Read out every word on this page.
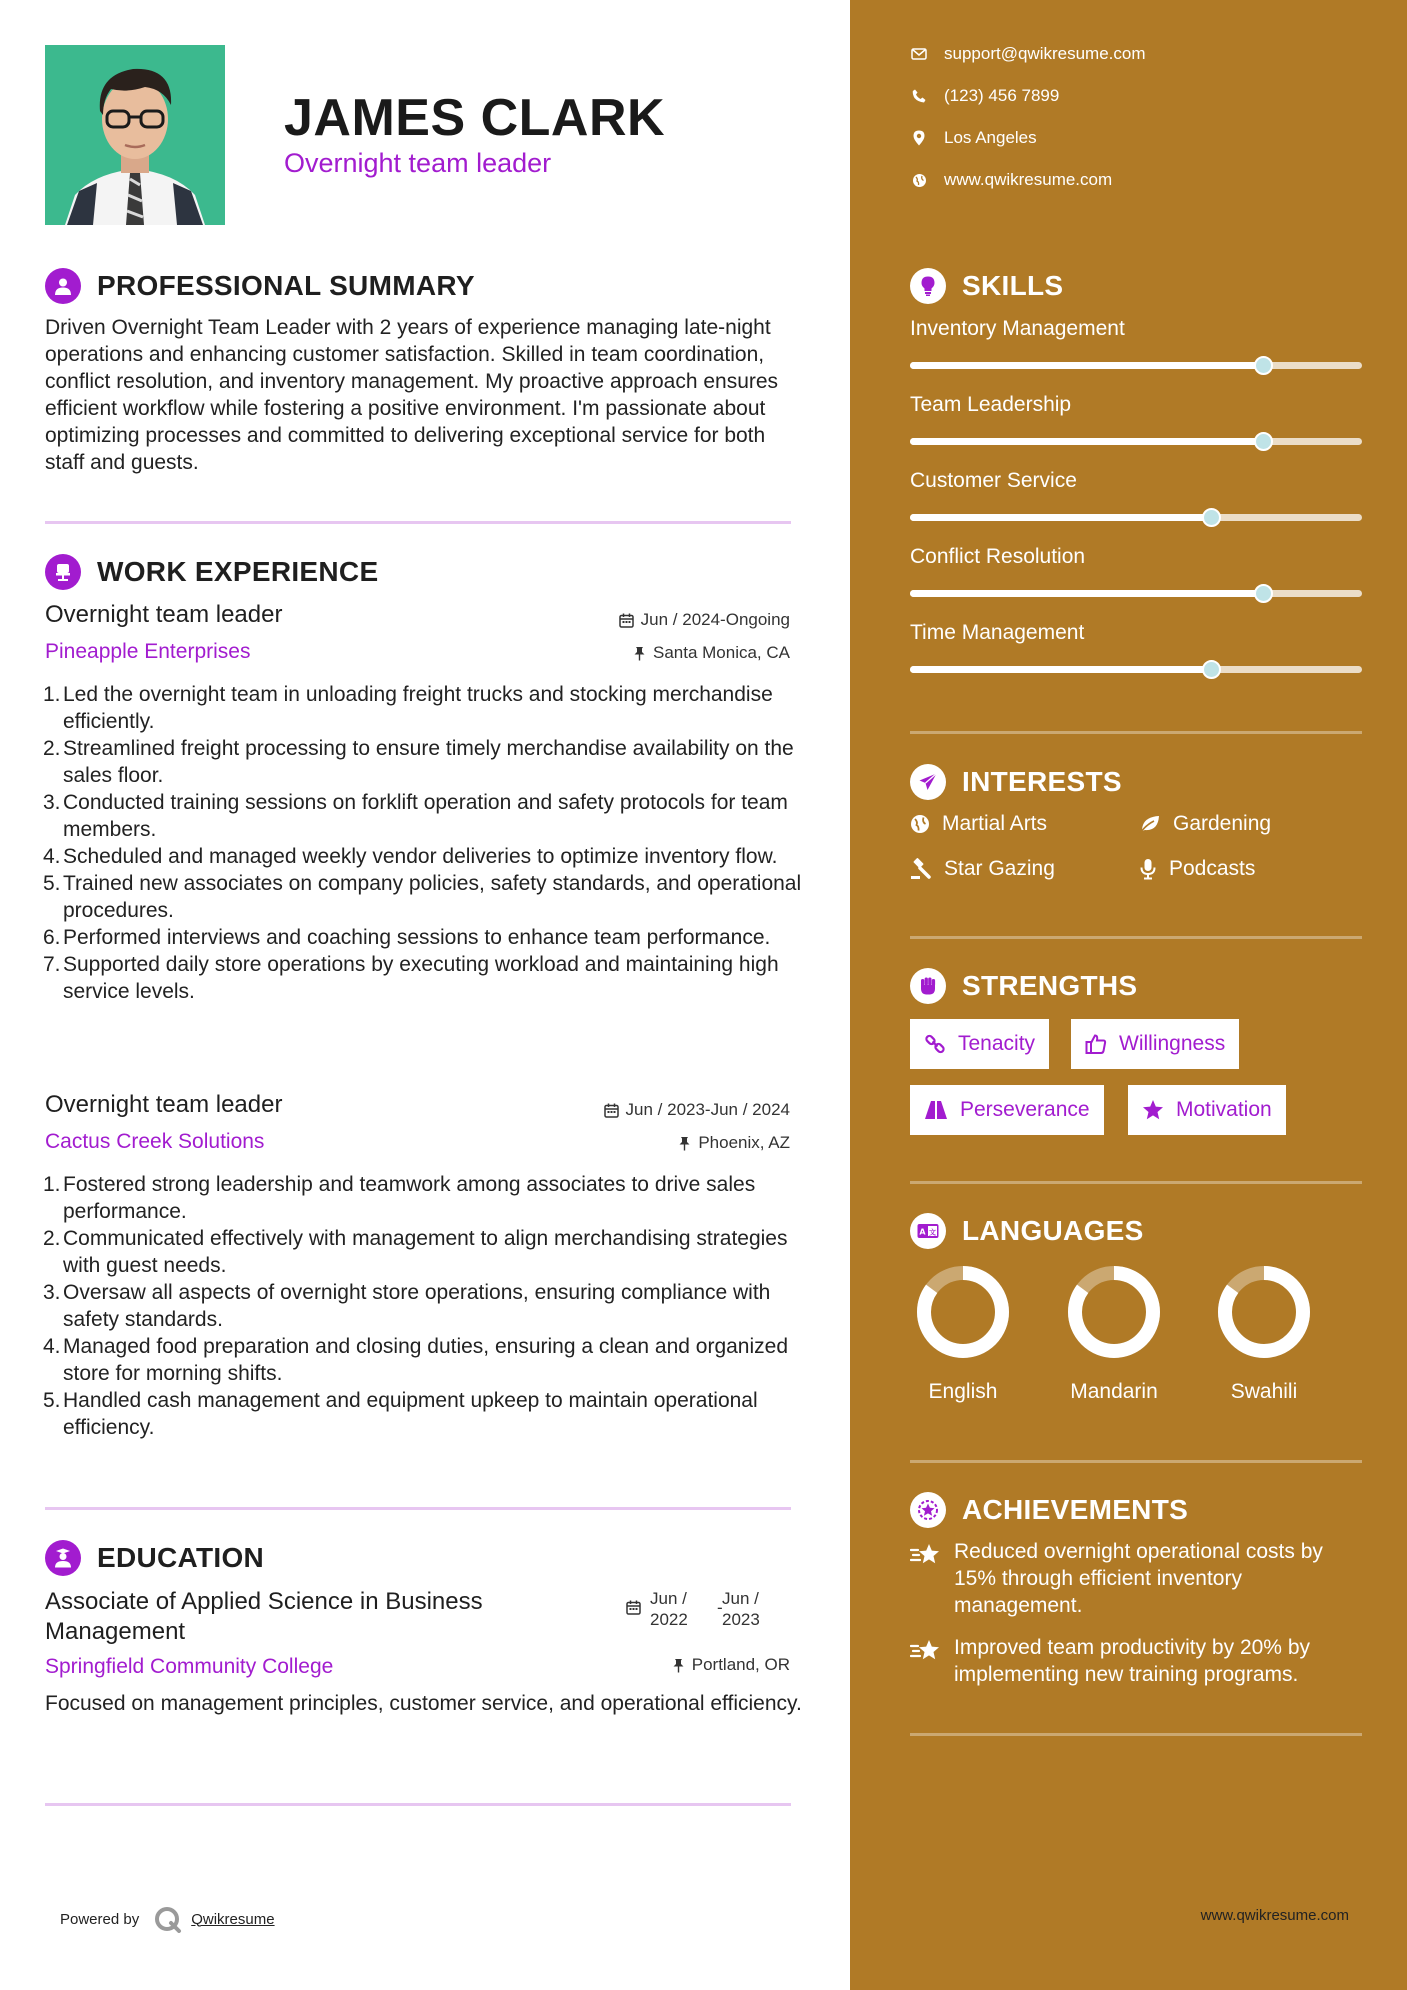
JAMES CLARK
Overnight team leader
PROFESSIONAL SUMMARY
Driven Overnight Team Leader with 2 years of experience managing late-night operations and enhancing customer satisfaction. Skilled in team coordination, conflict resolution, and inventory management. My proactive approach ensures efficient workflow while fostering a positive environment. I'm passionate about optimizing processes and committed to delivering exceptional service for both staff and guests.
WORK EXPERIENCE
Overnight team leader	Jun / 2024-Ongoing
Pineapple Enterprises	Santa Monica, CA
1. Led the overnight team in unloading freight trucks and stocking merchandise efficiently.
2. Streamlined freight processing to ensure timely merchandise availability on the sales floor.
3. Conducted training sessions on forklift operation and safety protocols for team members.
4. Scheduled and managed weekly vendor deliveries to optimize inventory flow.
5. Trained new associates on company policies, safety standards, and operational procedures.
6. Performed interviews and coaching sessions to enhance team performance.
7. Supported daily store operations by executing workload and maintaining high service levels.
Overnight team leader	Jun / 2023-Jun / 2024
Cactus Creek Solutions	Phoenix, AZ
1. Fostered strong leadership and teamwork among associates to drive sales performance.
2. Communicated effectively with management to align merchandising strategies with guest needs.
3. Oversaw all aspects of overnight store operations, ensuring compliance with safety standards.
4. Managed food preparation and closing duties, ensuring a clean and organized store for morning shifts.
5. Handled cash management and equipment upkeep to maintain operational efficiency.
EDUCATION
Associate of Applied Science in Business
Management
Jun /
2022
- Jun /
2023
Springfield Community College	Portland, OR
Focused on management principles, customer service, and operational efficiency.
Powered by	Qwikresume
support@qwikresume.com
(123) 456 7899
Los Angeles
www.qwikresume.com
SKILLS
INTERESTS
Martial Arts	Gardening
Star Gazing	Podcasts
STRENGTHS
Tenacity	Willingness
Perseverance	Motivation
A 文 LANGUAGES
ACHIEVEMENTS
Reduced overnight operational costs by 15% through efficient inventory management.
Improved team productivity by 20% by implementing new training programs.
Inventory Management
Team Leadership
Customer Service
Conflict Resolution
Time Management
English	Mandarin	Swahili
www.qwikresume.com
